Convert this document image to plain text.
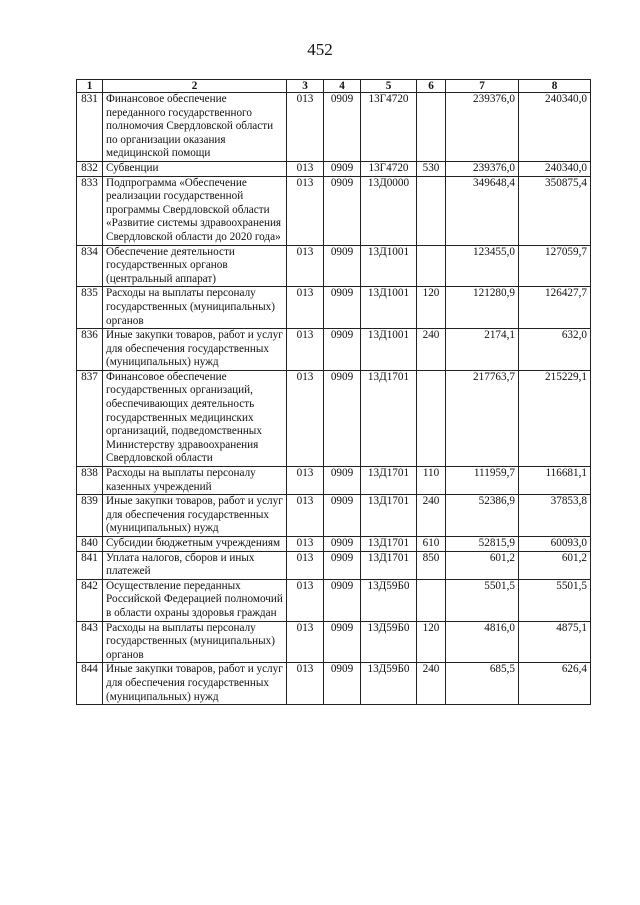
452
1	2	3	4	5	6	7	8
831	Финансовое обеспечение переданного государственного полномочия Свердловской области по организации оказания медицинской помощи	013	0909	13Г4720		239376,0	240340,0
832	Субвенции	013	0909	13Г4720	530	239376,0	240340,0
833	Подпрограмма «Обеспечение реализации государственной программы Свердловской области «Развитие системы здравоохранения Свердловской области до 2020 года»	013	0909	13Д0000		349648,4	350875,4
834	Обеспечение деятельности государственных органов (центральный аппарат)	013	0909	13Д1001		123455,0	127059,7
835	Расходы на выплаты персоналу государственных (муниципальных) органов	013	0909	13Д1001	120	121280,9	126427,7
836	Иные закупки товаров, работ и услуг для обеспечения государственных (муниципальных) нужд	013	0909	13Д1001	240	2174,1	632,0
837	Финансовое обеспечение государственных организаций, обеспечивающих деятельность государственных медицинских организаций, подведомственных Министерству здравоохранения Свердловской области	013	0909	13Д1701		217763,7	215229,1
838	Расходы на выплаты персоналу казенных учреждений	013	0909	13Д1701	110	111959,7	116681,1
839	Иные закупки товаров, работ и услуг для обеспечения государственных (муниципальных) нужд	013	0909	13Д1701	240	52386,9	37853,8
840	Субсидии бюджетным учреждениям	013	0909	13Д1701	610	52815,9	60093,0
841	Уплата налогов, сборов и иных платежей	013	0909	13Д1701	850	601,2	601,2
842	Осуществление переданных Российской Федерацией полномочий в области охраны здоровья граждан	013	0909	13Д59Б0		5501,5	5501,5
843	Расходы на выплаты персоналу государственных (муниципальных) органов	013	0909	13Д59Б0	120	4816,0	4875,1
844	Иные закупки товаров, работ и услуг для обеспечения государственных (муниципальных) нужд	013	0909	13Д59Б0	240	685,5	626,4
